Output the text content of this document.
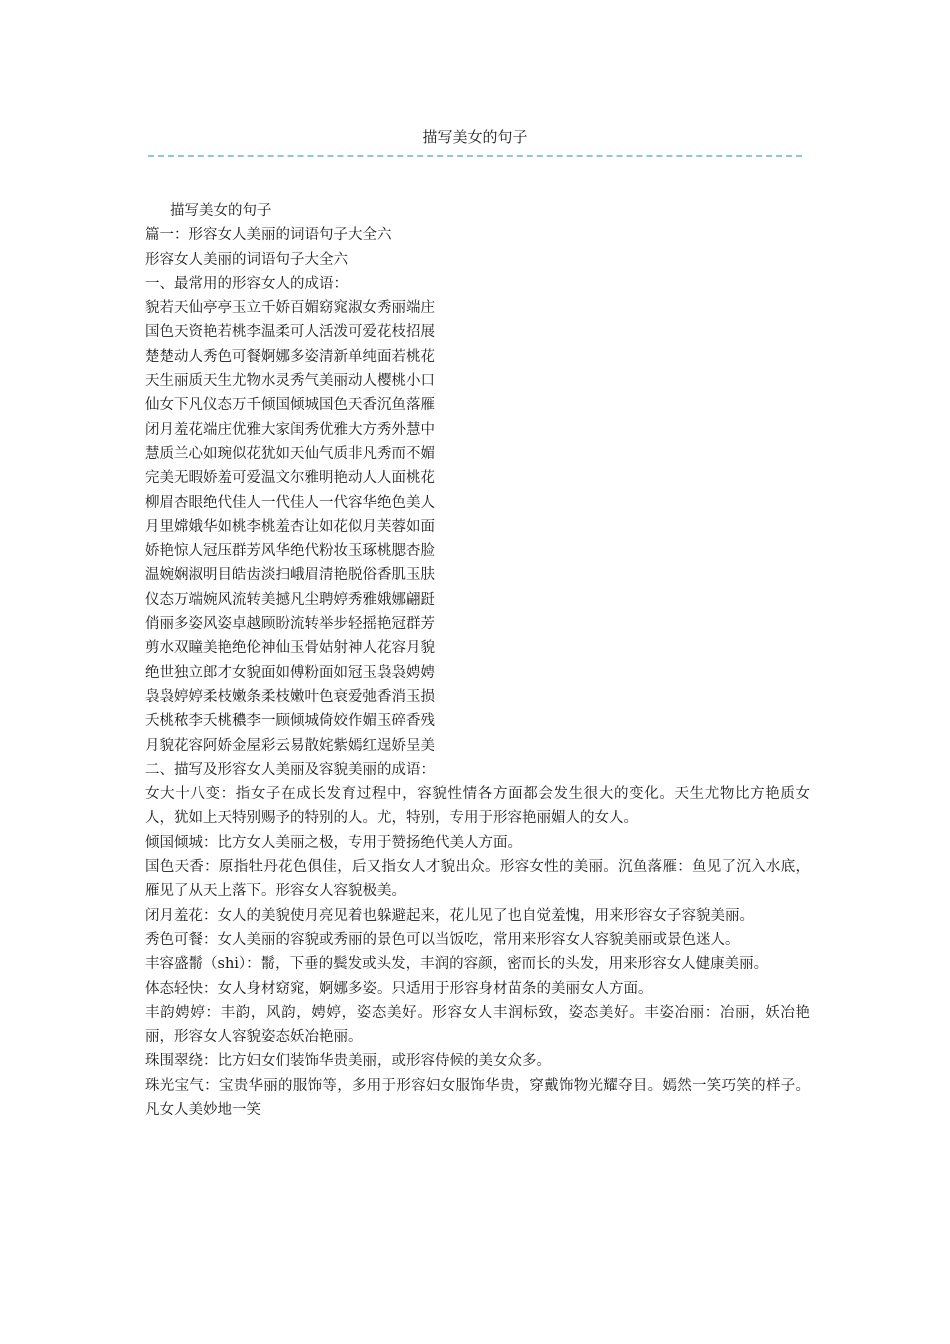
描写美女的句子
描写美女的句子
篇一：形容女人美丽的词语句子大全六
形容女人美丽的词语句子大全六
一、最常用的形容女人的成语：
貌若天仙亭亭玉立千娇百媚窈窕淑女秀丽端庄
国色天资艳若桃李温柔可人活泼可爱花枝招展
楚楚动人秀色可餐婀娜多姿清新单纯面若桃花
天生丽质天生尤物水灵秀气美丽动人樱桃小口
仙女下凡仪态万千倾国倾城国色天香沉鱼落雁
闭月羞花端庄优雅大家闺秀优雅大方秀外慧中
慧质兰心如琬似花犹如天仙气质非凡秀而不媚
完美无暇娇羞可爱温文尔雅明艳动人人面桃花
柳眉杏眼绝代佳人一代佳人一代容华绝色美人
月里嫦娥华如桃李桃羞杏让如花似月芙蓉如面
娇艳惊人冠压群芳风华绝代粉妆玉琢桃腮杏脸
温婉娴淑明目皓齿淡扫峨眉清艳脱俗香肌玉肤
仪态万端婉风流转美撼凡尘聘婷秀雅娥娜翩跹
俏丽多姿风姿卓越顾盼流转举步轻摇艳冠群芳
剪水双瞳美艳绝伦神仙玉骨姑射神人花容月貌
绝世独立郎才女貌面如傅粉面如冠玉袅袅娉娉
袅袅婷婷柔枝嫩条柔枝嫩叶色衰爱弛香消玉损
夭桃秾李夭桃穠李一顾倾城倚姣作媚玉碎香残
月貌花容阿娇金屋彩云易散姹紫嫣红逞娇呈美
二、描写及形容女人美丽及容貌美丽的成语：
女大十八变：指女子在成长发育过程中，容貌性情各方面都会发生很大的变化。天生尤物比方艳质女人，犹如上天特别赐予的特别的人。尤，特别，专用于形容艳丽媚人的女人。
倾国倾城：比方女人美丽之极，专用于赞扬绝代美人方面。
国色天香：原指牡丹花色俱佳，后又指女人才貌出众。形容女性的美丽。沉鱼落雁：鱼见了沉入水底，雁见了从天上落下。形容女人容貌极美。
闭月羞花：女人的美貌使月亮见着也躲避起来，花儿见了也自觉羞愧，用来形容女子容貌美丽。
秀色可餐：女人美丽的容貌或秀丽的景色可以当饭吃，常用来形容女人容貌美丽或景色迷人。
丰容盛鬋（shi）：鬋，下垂的鬓发或头发，丰润的容颜，密而长的头发，用来形容女人健康美丽。
体态轻快：女人身材窈窕，婀娜多姿。只适用于形容身材苗条的美丽女人方面。
丰韵娉婷：丰韵，风韵，娉婷，姿态美好。形容女人丰润标致，姿态美好。丰姿冶丽：冶丽，妖冶艳丽，形容女人容貌姿态妖冶艳丽。
珠围翠绕：比方妇女们装饰华贵美丽，或形容侍候的美女众多。
珠光宝气：宝贵华丽的服饰等，多用于形容妇女服饰华贵，穿戴饰物光耀夺目。嫣然一笑巧笑的样子。凡女人美妙地一笑
